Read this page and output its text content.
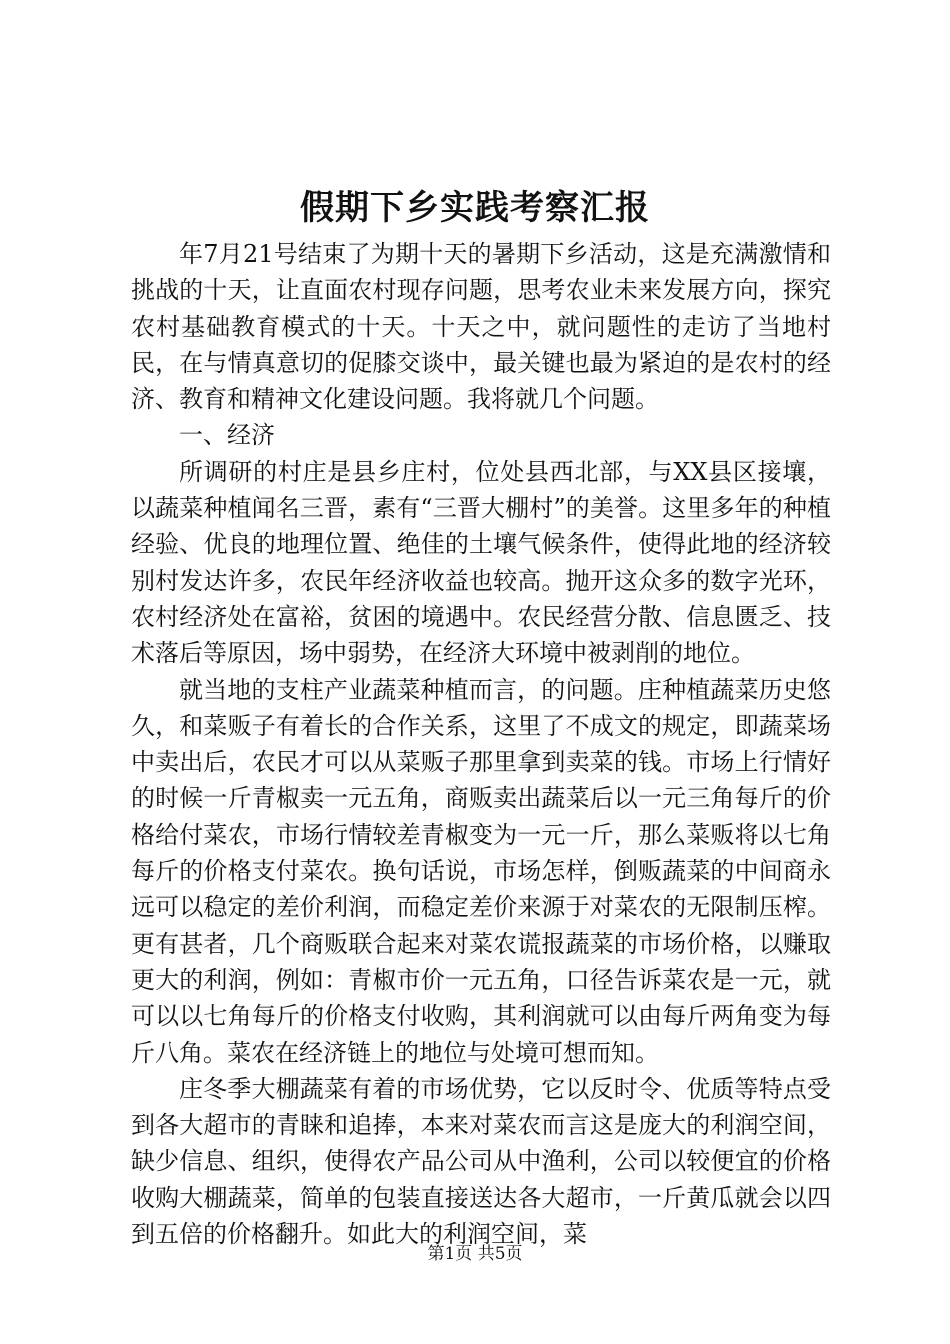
假期下乡实践考察汇报

年7月21号结束了为期十天的暑期下乡活动，这是充满激情和挑战的十天，让直面农村现存问题，思考农业未来发展方向，探究农村基础教育模式的十天。十天之中，就问题性的走访了当地村民，在与情真意切的促膝交谈中，最关键也最为紧迫的是农村的经济、教育和精神文化建设问题。我将就几个问题。

一、经济

所调研的村庄是县乡庄村，位处县西北部，与XX县区接壤，以蔬菜种植闻名三晋，素有“三晋大棚村”的美誉。这里多年的种植经验、优良的地理位置、绝佳的土壤气候条件，使得此地的经济较别村发达许多，农民年经济收益也较高。抛开这众多的数字光环，农村经济处在富裕，贫困的境遇中。农民经营分散、信息匮乏、技术落后等原因，场中弱势，在经济大环境中被剥削的地位。

就当地的支柱产业蔬菜种植而言，的问题。庄种植蔬菜历史悠久，和菜贩子有着长的合作关系，这里了不成文的规定，即蔬菜场中卖出后，农民才可以从菜贩子那里拿到卖菜的钱。市场上行情好的时候一斤青椒卖一元五角，商贩卖出蔬菜后以一元三角每斤的价格给付菜农，市场行情较差青椒变为一元一斤，那么菜贩将以七角每斤的价格支付菜农。换句话说，市场怎样，倒贩蔬菜的中间商永远可以稳定的差价利润，而稳定差价来源于对菜农的无限制压榨。更有甚者，几个商贩联合起来对菜农谎报蔬菜的市场价格，以赚取更大的利润，例如：青椒市价一元五角，口径告诉菜农是一元，就可以以七角每斤的价格支付收购，其利润就可以由每斤两角变为每斤八角。菜农在经济链上的地位与处境可想而知。

庄冬季大棚蔬菜有着的市场优势，它以反时令、优质等特点受到各大超市的青睐和追捧，本来对菜农而言这是庞大的利润空间，缺少信息、组织，使得农产品公司从中渔利，公司以较便宜的价格收购大棚蔬菜，简单的包装直接送达各大超市，一斤黄瓜就会以四到五倍的价格翻升。如此大的利润空间，菜

第1页 共5页
